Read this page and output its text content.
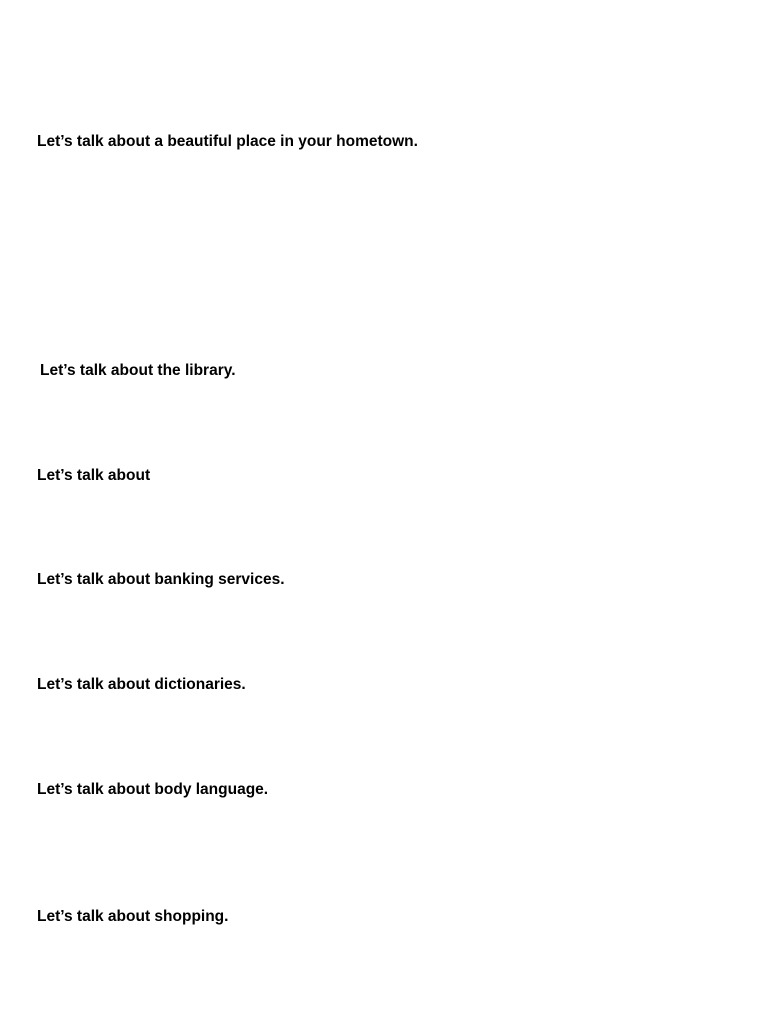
Let’s talk about a beautiful place in your hometown.

Let’s talk about the library.

Let’s talk about

Let’s talk about banking services.

Let’s talk about dictionaries.

Let’s talk about body language.

Let’s talk about shopping.
